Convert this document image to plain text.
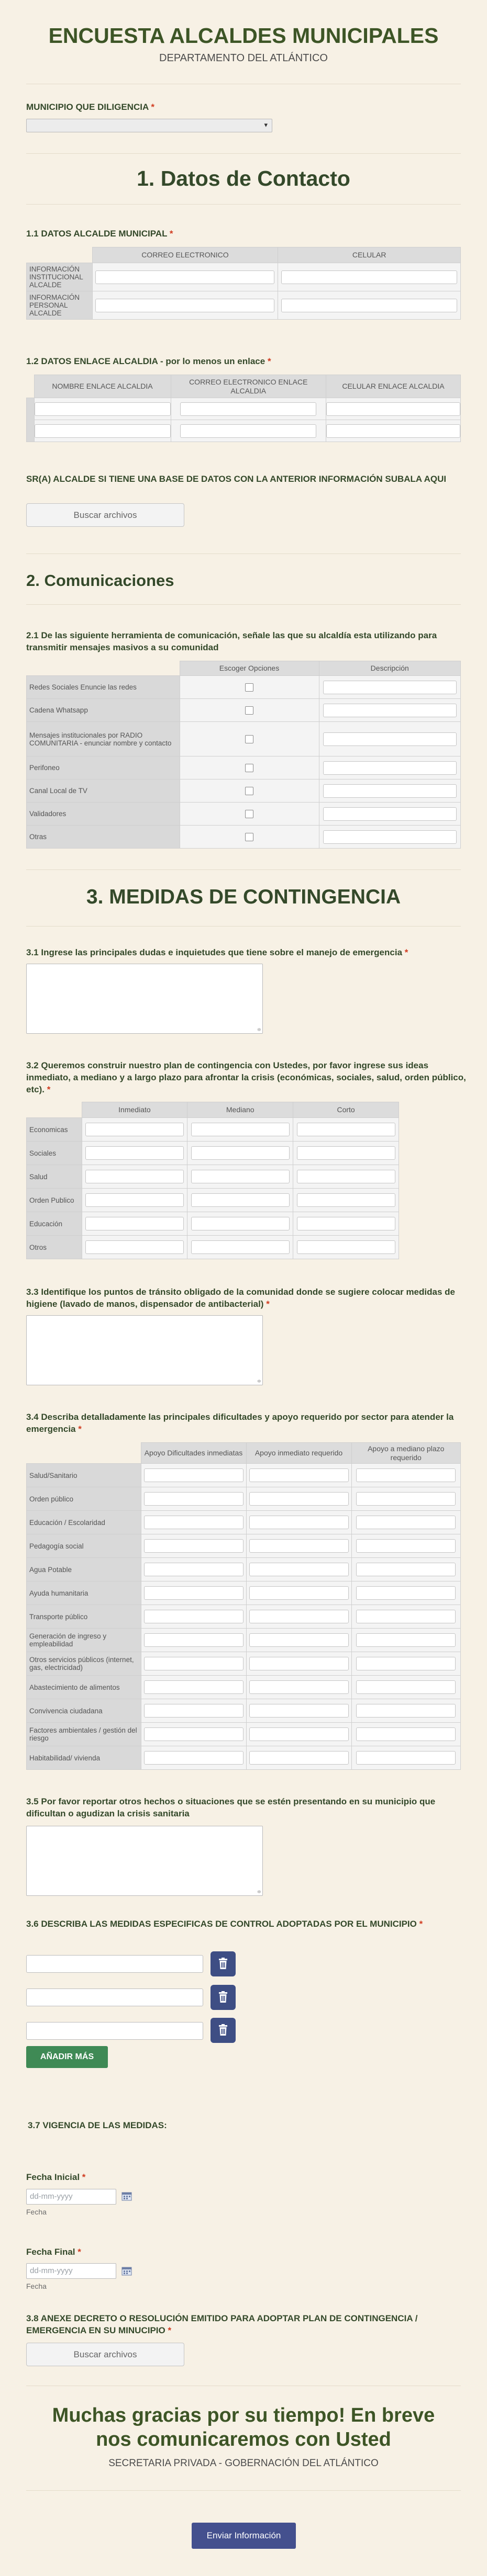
ENCUESTA ALCALDES MUNICIPALES
DEPARTAMENTO DEL ATLÁNTICO
MUNICIPIO QUE DILIGENCIA *
▾
1. Datos de Contacto
1.1 DATOS ALCALDE MUNICIPAL *
	CORREO ELECTRONICO	CELULAR
INFORMACIÓN INSTITUCIONAL ALCALDE	

INFORMACIÓN PERSONAL ALCALDE	

1.2 DATOS ENLACE ALCALDIA - por lo menos un enlace *
	NOMBRE ENLACE ALCALDIA	CORREO ELECTRONICO ENLACE ALCALDIA	CELULAR ENLACE ALCALDIA

SR(A) ALCALDE SI TIENE UNA BASE DE DATOS CON LA ANTERIOR INFORMACIÓN SUBALA AQUI
Buscar archivos
2. Comunicaciones
2.1 De las siguiente herramienta de comunicación, señale las que su alcaldía esta utilizando para transmitir mensajes masivos a su comunidad
	Escoger Opciones	Descripción
Redes Sociales Enuncie las redes		

Cadena Whatsapp		

Mensajes institucionales por RADIO COMUNITARIA - enunciar nombre y contacto		

Perifoneo		

Canal Local de TV		

Validadores		

Otras		
3. MEDIDAS DE CONTINGENCIA
3.1 Ingrese las principales dudas e inquietudes que tiene sobre el manejo de emergencia *
≑
3.2 Queremos construir nuestro plan de contingencia con Ustedes, por favor ingrese sus ideas inmediato, a mediano y a largo plazo para afrontar la crisis (económicas, sociales, salud, orden público, etc). *
	Inmediato	Mediano	Corto
Economicas	

Sociales	

Salud	

Orden Publico	

Educación	

Otros	

3.3 Identifique los puntos de tránsito obligado de la comunidad donde se sugiere colocar medidas de higiene (lavado de manos, dispensador de antibacterial) *
≑
3.4 Describa detalladamente las principales dificultades y apoyo requerido por sector para atender la emergencia *
	Apoyo Dificultades inmediatas	Apoyo inmediato requerido	Apoyo a mediano plazo requerido
Salud/Sanitario	

Orden público	

Educación / Escolaridad	

Pedagogía social	

Agua Potable	

Ayuda humanitaria	

Transporte público	

Generación de ingreso y empleabilidad	

Otros servicios públicos (internet, gas, electricidad)	

Abastecimiento de alimentos	

Convivencia ciudadana	

Factores ambientales / gestión del riesgo	

Habitabilidad/ vivienda	

3.5 Por favor reportar otros hechos o situaciones que se estén presentando en su municipio que dificultan o agudizan la crisis sanitaria
≑
3.6 DESCRIBA LAS MEDIDAS ESPECIFICAS DE CONTROL ADOPTADAS POR EL MUNICIPIO *
AÑADIR MÁS
3.7 VIGENCIA DE LAS MEDIDAS:
Fecha Inicial *
dd-mm-yyyy
Fecha
Fecha Final *
dd-mm-yyyy
Fecha
3.8 ANEXE DECRETO O RESOLUCIÓN EMITIDO PARA ADOPTAR PLAN DE CONTINGENCIA / EMERGENCIA EN SU MINUCIPIO *
Buscar archivos
Muchas gracias por su tiempo! En breve
nos comunicaremos con Usted
SECRETARIA PRIVADA - GOBERNACIÓN DEL ATLÁNTICO
Enviar Información
